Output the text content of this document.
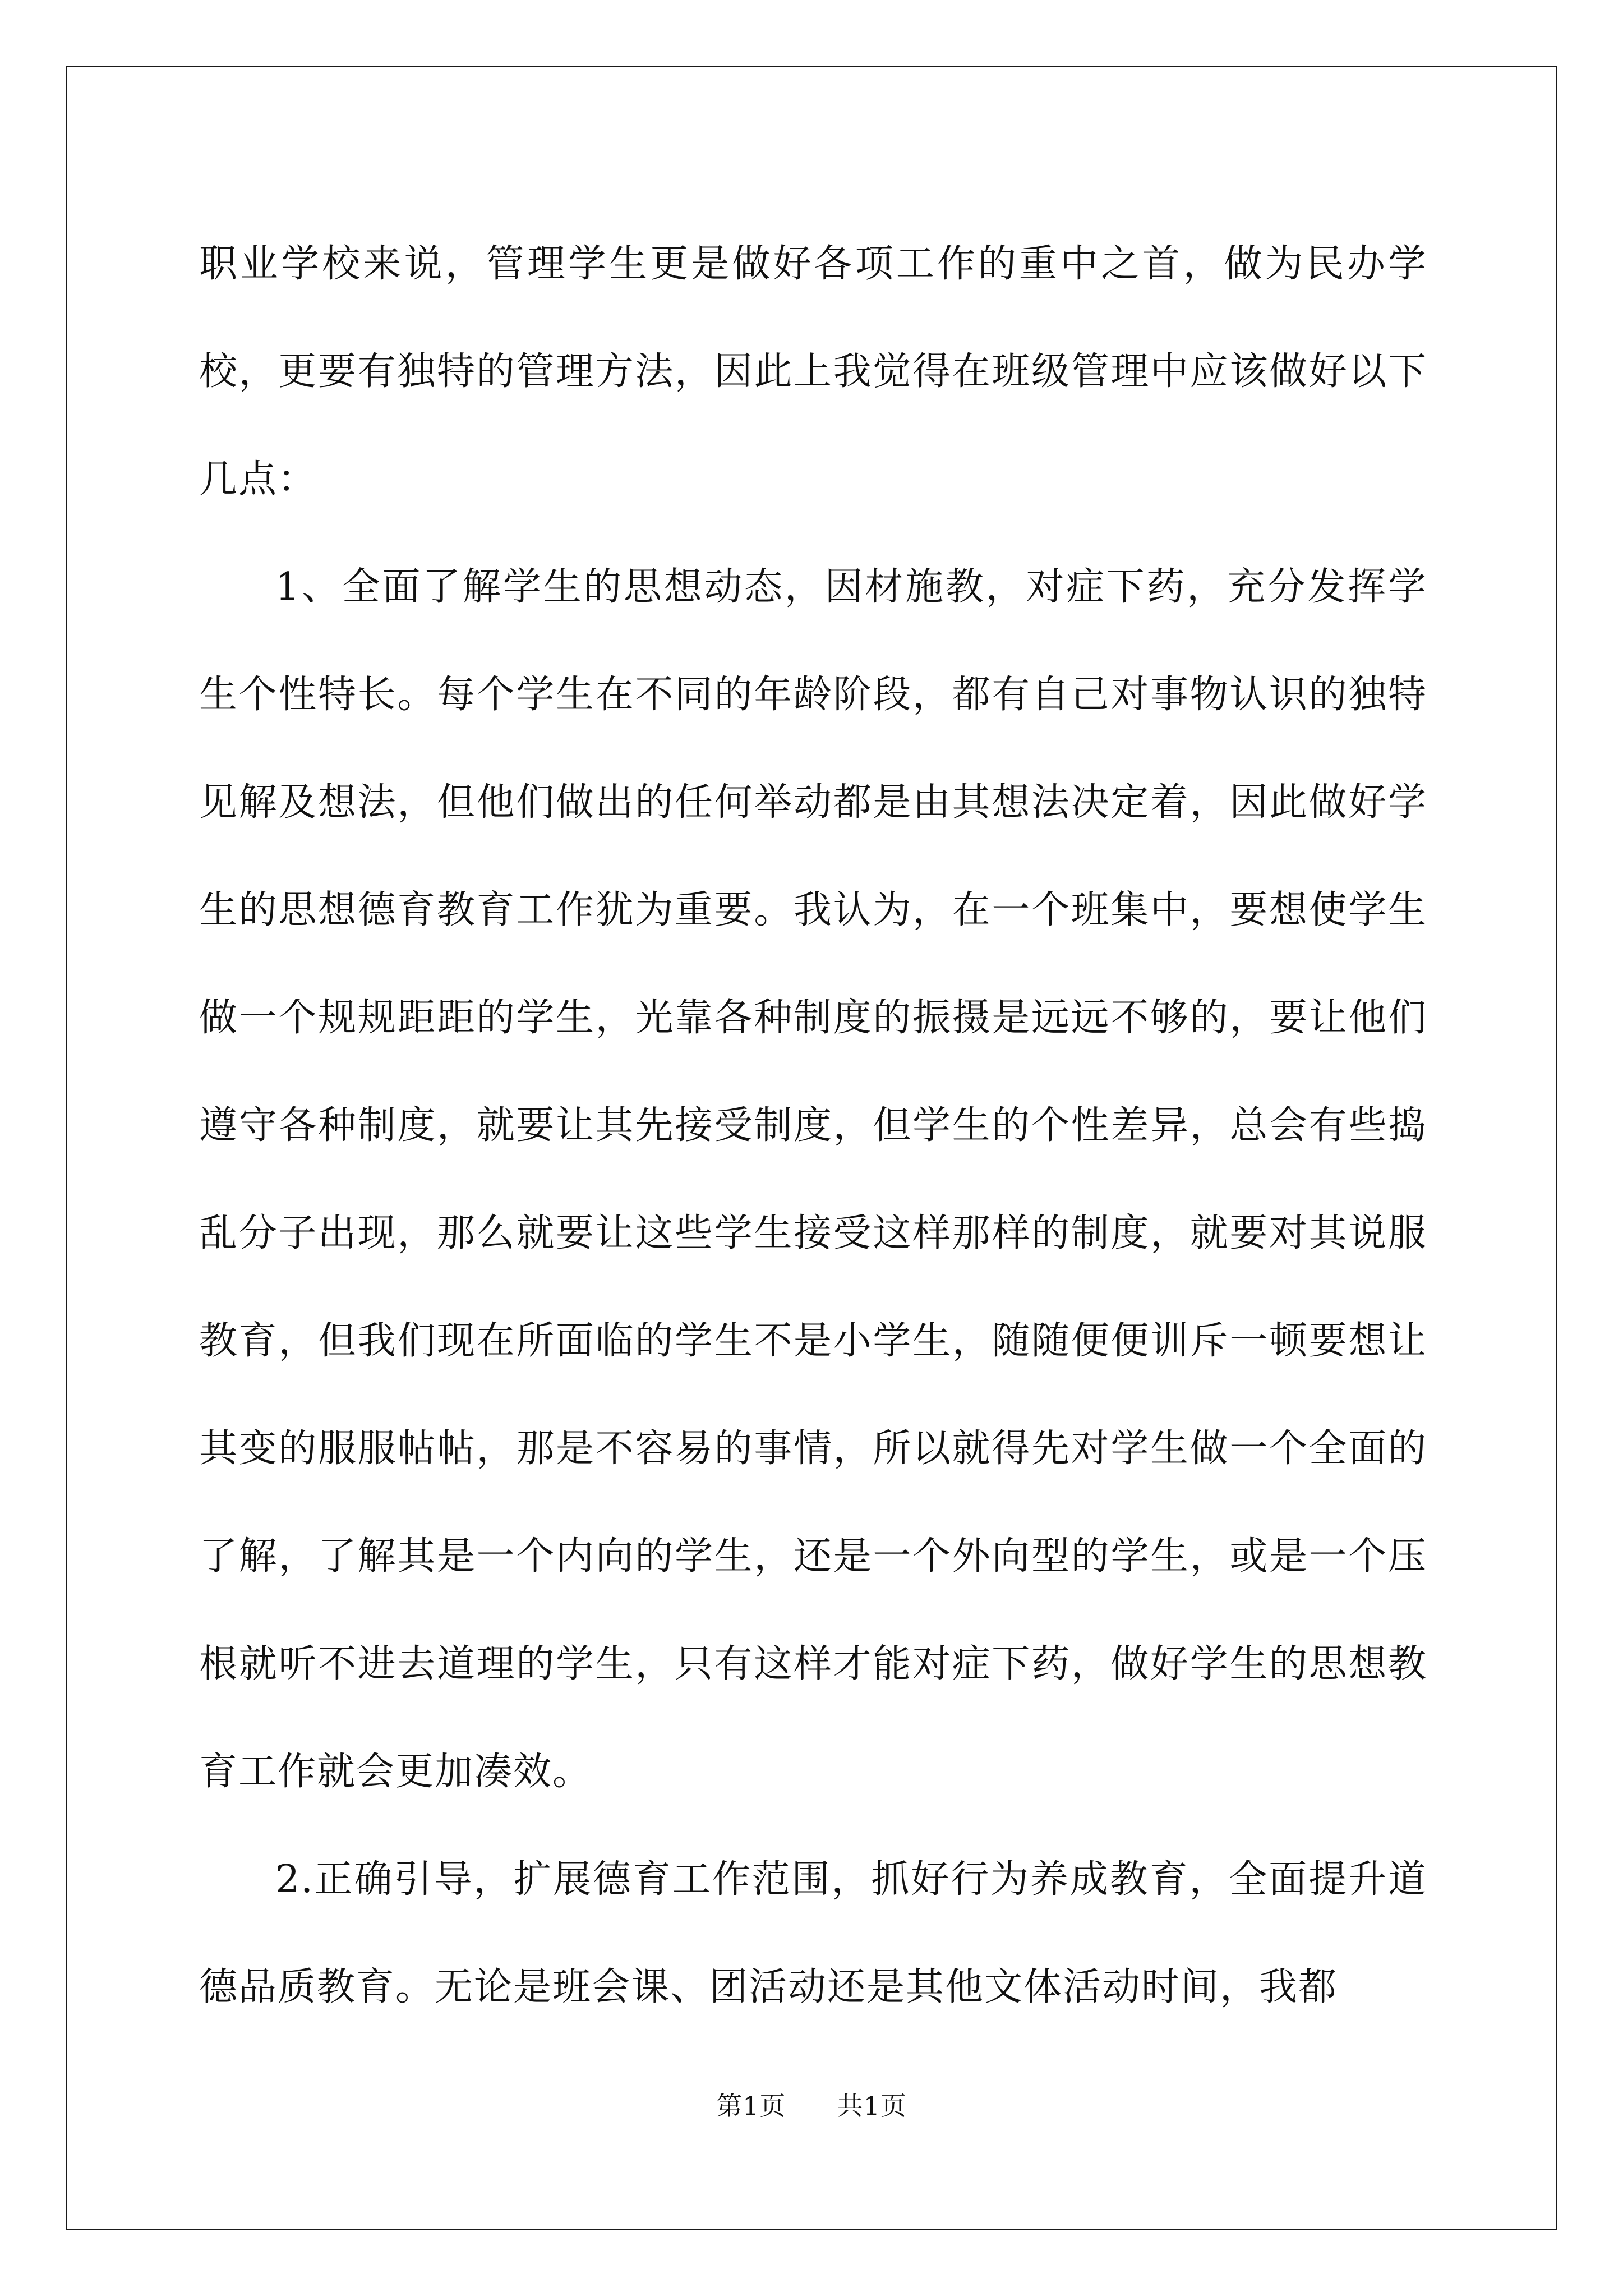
职业学校来说，管理学生更是做好各项工作的重中之首，做为民办学校，更要有独特的管理方法，因此上我觉得在班级管理中应该做好以下几点：

1、全面了解学生的思想动态，因材施教，对症下药，充分发挥学生个性特长。每个学生在不同的年龄阶段，都有自己对事物认识的独特见解及想法，但他们做出的任何举动都是由其想法决定着，因此做好学生的思想德育教育工作犹为重要。我认为，在一个班集中，要想使学生做一个规规距距的学生，光靠各种制度的振摄是远远不够的，要让他们遵守各种制度，就要让其先接受制度，但学生的个性差异，总会有些捣乱分子出现，那么就要让这些学生接受这样那样的制度，就要对其说服教育，但我们现在所面临的学生不是小学生，随随便便训斥一顿要想让其变的服服帖帖，那是不容易的事情，所以就得先对学生做一个全面的了解，了解其是一个内向的学生，还是一个外向型的学生，或是一个压根就听不进去道理的学生，只有这样才能对症下药，做好学生的思想教育工作就会更加凑效。

2.正确引导，扩展德育工作范围，抓好行为养成教育，全面提升道德品质教育。无论是班会课、团活动还是其他文体活动时间，我都

第1页 共1页
